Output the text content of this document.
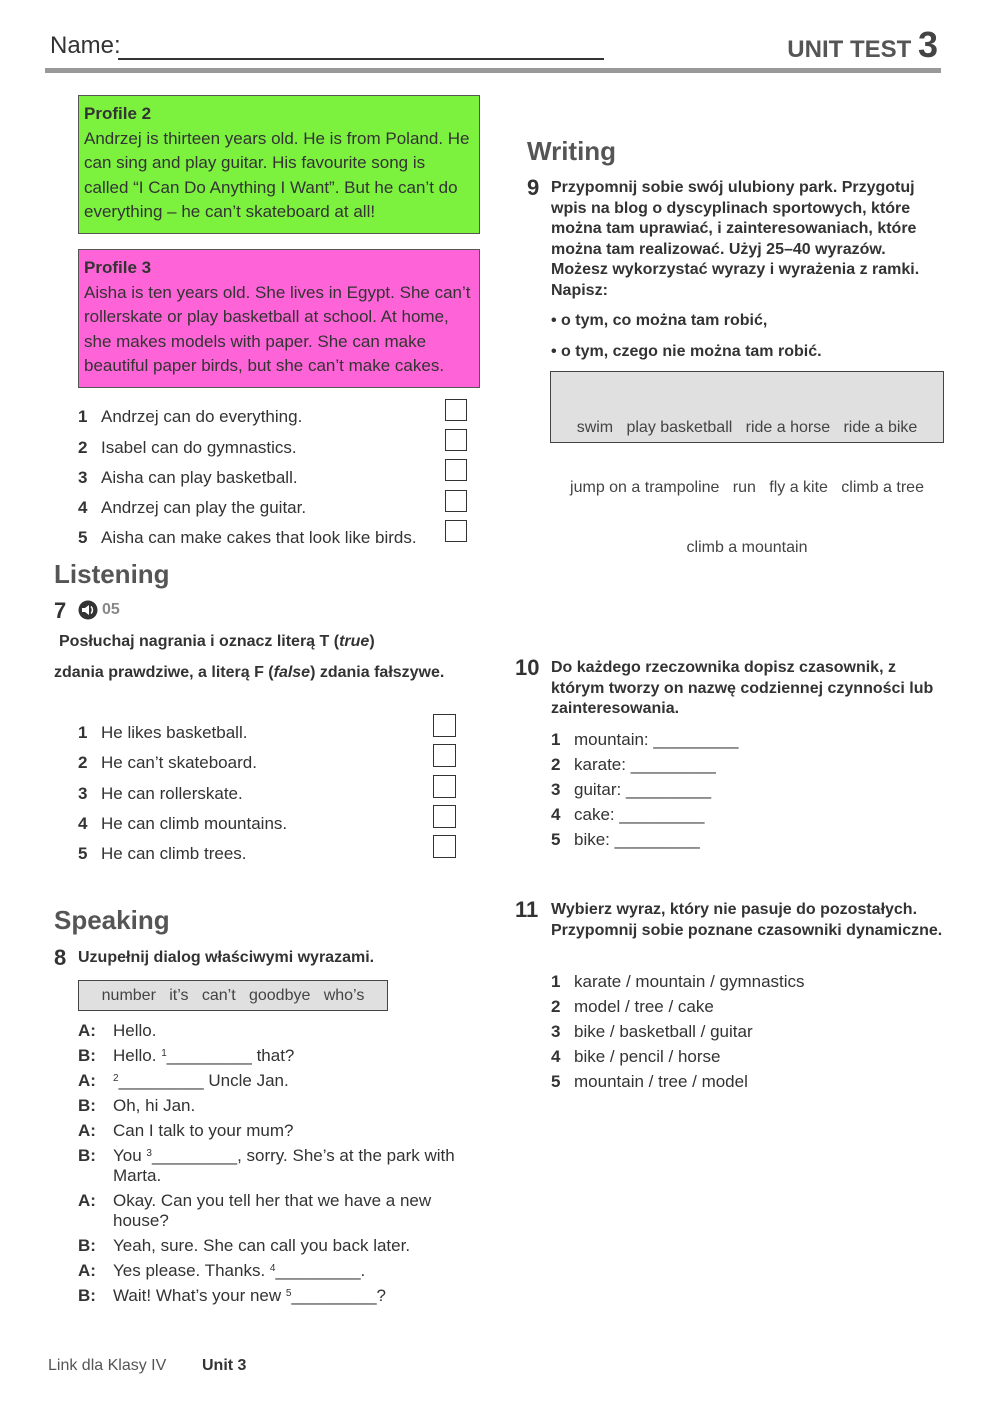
Name:	UNIT TEST 3
Profile 2
Andrzej is thirteen years old. He is from Poland. He can sing and play guitar. His favourite song is called “I Can Do Anything I Want”. But he can’t do everything – he can’t skateboard at all!
Profile 3
Aisha is ten years old. She lives in Egypt. She can’t rollerskate or play basketball at school. At home, she makes models with paper. She can make beautiful paper birds, but she can’t make cakes.
1 Andrzej can do everything.
2 Isabel can do gymnastics.
3 Aisha can play basketball.
4 Andrzej can play the guitar.
5 Aisha can make cakes that look like birds.
Listening
7 05
Posłuchaj nagrania i oznacz literą T (true)
zdania prawdziwe, a literą F (false) zdania fałszywe.
1 He likes basketball.
2 He can’t skateboard.
3 He can rollerskate.
4 He can climb mountains.
5 He can climb trees.
Speaking
8 Uzupełnij dialog właściwymi wyrazami.
number   it’s   can’t   goodbye   who’s
A: Hello.
B: Hello. $^1$_________ that?
A: $^2$_________ Uncle Jan.
B: Oh, hi Jan.
A: Can I talk to your mum?
B: You $^3$_________, sorry. She’s at the park with Marta.
A: Okay. Can you tell her that we have a new house?
B: Yeah, sure. She can call you back later.
A: Yes please. Thanks. $^4$_________.
B: Wait! What’s your new $^5$_________?
Writing
9 Przypomnij sobie swój ulubiony park. Przygotuj wpis na blog o dyscyplinach sportowych, które można tam uprawiać, i zainteresowaniach, które można tam realizować. Użyj 25–40 wyrazów. Możesz wykorzystać wyrazy i wyrażenia z ramki. Napisz:
• o tym, co można tam robić,
• o tym, czego nie można tam robić.

swim   play basketball   ride a horse   ride a bike

jump on a trampoline   run   fly a kite   climb a tree

climb a mountain

10 Do każdego rzeczownika dopisz czasownik, z którym tworzy on nazwę codziennej czynności lub zainteresowania.
1 mountain: _________
2 karate: _________
3 guitar: _________
4 cake: _________
5 bike: _________
11 Wybierz wyraz, który nie pasuje do pozostałych. Przypomnij sobie poznane czasowniki dynamiczne.
1 karate / mountain / gymnastics
2 model / tree / cake
3 bike / basketball / guitar
4 bike / pencil / horse
5 mountain / tree / model
Link dla Klasy IV Unit 3
